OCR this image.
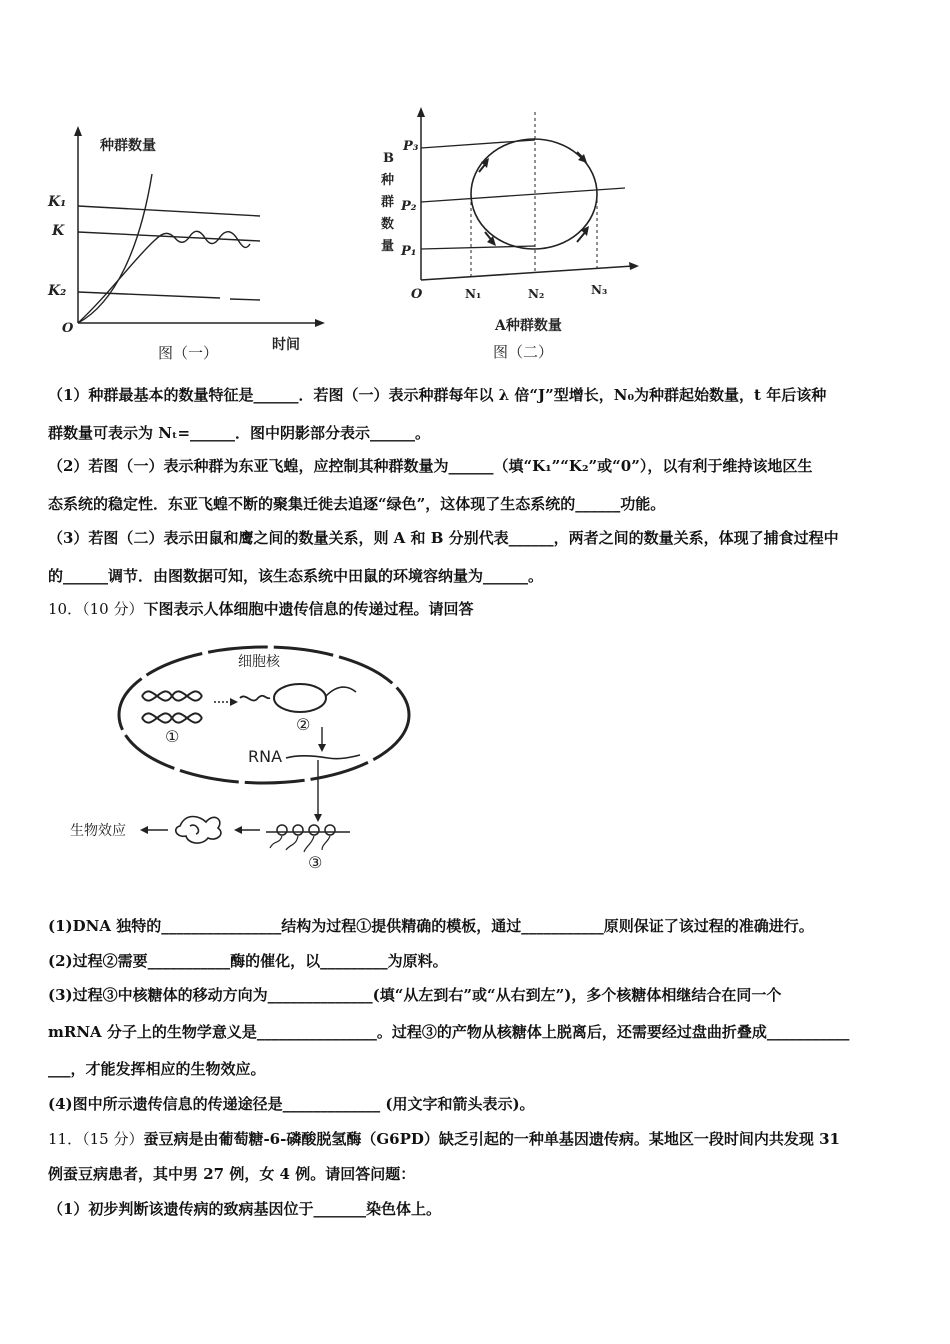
种群数量
时间
K₁
K
K₂
O
图（一）
B
种
群
数
量
P₃
P₂
P₁
O	N₁	N₂	N₃
A种群数量
图（二）
（1）种群最基本的数量特征是______．若图（一）表示种群每年以 λ 倍“J”型增长，N₀为种群起始数量，t 年后该种
群数量可表示为 Nₜ=______．图中阴影部分表示______。
（2）若图（一）表示种群为东亚飞蝗，应控制其种群数量为______（填“K₁”“K₂”或“0”），以有利于维持该地区生
态系统的稳定性．东亚飞蝗不断的聚集迁徙去追逐“绿色”，这体现了生态系统的______功能。
（3）若图（二）表示田鼠和鹰之间的数量关系，则 A 和 B 分别代表______，两者之间的数量关系，体现了捕食过程中
的______调节．由图数据可知，该生态系统中田鼠的环境容纳量为______。
10．（10 分）下图表示人体细胞中遗传信息的传递过程。请回答
细胞核
①
②
RNA
③
生物效应
(1)DNA 独特的________________结构为过程①提供精确的模板，通过___________原则保证了该过程的准确进行。
(2)过程②需要___________酶的催化，以_________为原料。
(3)过程③中核糖体的移动方向为______________(填“从左到右”或“从右到左”)，多个核糖体相继结合在同一个
mRNA 分子上的生物学意义是________________。过程③的产物从核糖体上脱离后，还需要经过盘曲折叠成___________
___，才能发挥相应的生物效应。
(4)图中所示遗传信息的传递途径是_____________ (用文字和箭头表示)。
11．（15 分）蚕豆病是由葡萄糖-6-磷酸脱氢酶（G6PD）缺乏引起的一种单基因遗传病。某地区一段时间内共发现 31
例蚕豆病患者，其中男 27 例，女 4 例。请回答问题：
（1）初步判断该遗传病的致病基因位于_______染色体上。
